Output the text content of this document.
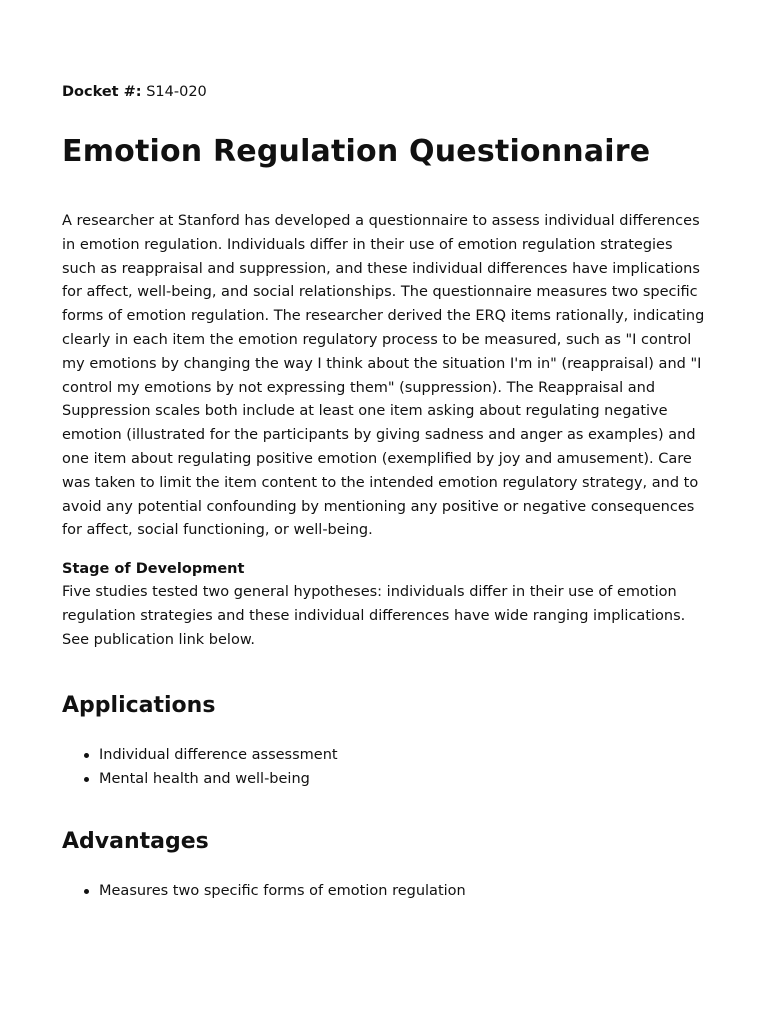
Docket #: S14-020

Emotion Regulation Questionnaire

A researcher at Stanford has developed a questionnaire to assess individual differences in emotion regulation. Individuals differ in their use of emotion regulation strategies such as reappraisal and suppression, and these individual differences have implications for affect, well-being, and social relationships. The questionnaire measures two specific forms of emotion regulation. The researcher derived the ERQ items rationally, indicating clearly in each item the emotion regulatory process to be measured, such as "I control my emotions by changing the way I think about the situation I'm in" (reappraisal) and "I control my emotions by not expressing them" (suppression). The Reappraisal and Suppression scales both include at least one item asking about regulating negative emotion (illustrated for the participants by giving sadness and anger as examples) and one item about regulating positive emotion (exemplified by joy and amusement). Care was taken to limit the item content to the intended emotion regulatory strategy, and to avoid any potential confounding by mentioning any positive or negative consequences for affect, social functioning, or well-being.

Stage of Development

Five studies tested two general hypotheses: individuals differ in their use of emotion regulation strategies and these individual differences have wide ranging implications. See publication link below.

Applications
Individual difference assessment
Mental health and well-being
Advantages
Measures two specific forms of emotion regulation
